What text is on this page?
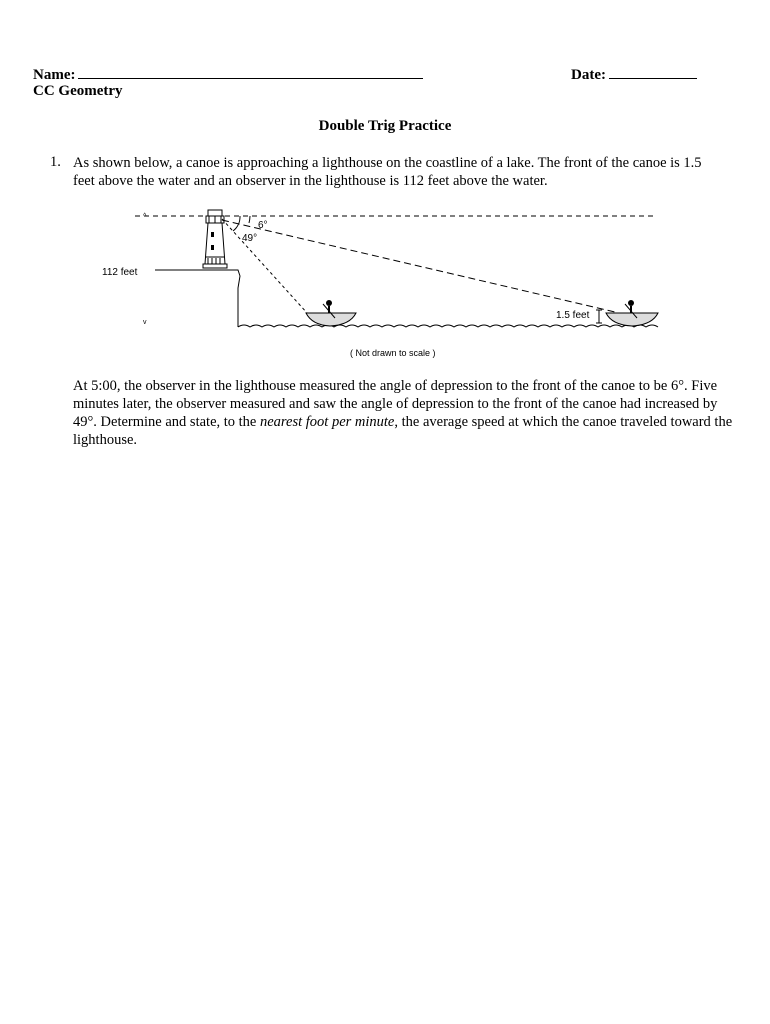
Name:	Date:
CC Geometry
Double Trig Practice
1. As shown below, a canoe is approaching a lighthouse on the coastline of a lake. The front of the canoe is 1.5 feet above the water and an observer in the lighthouse is 112 feet above the water.
^
v
6°
49°
112 feet
1.5 feet
( Not drawn to scale )
At 5:00, the observer in the lighthouse measured the angle of depression to the front of the canoe to be 6°. Five minutes later, the observer measured and saw the angle of depression to the front of the canoe had increased by 49°. Determine and state, to the nearest foot per minute, the average speed at which the canoe traveled toward the lighthouse.
